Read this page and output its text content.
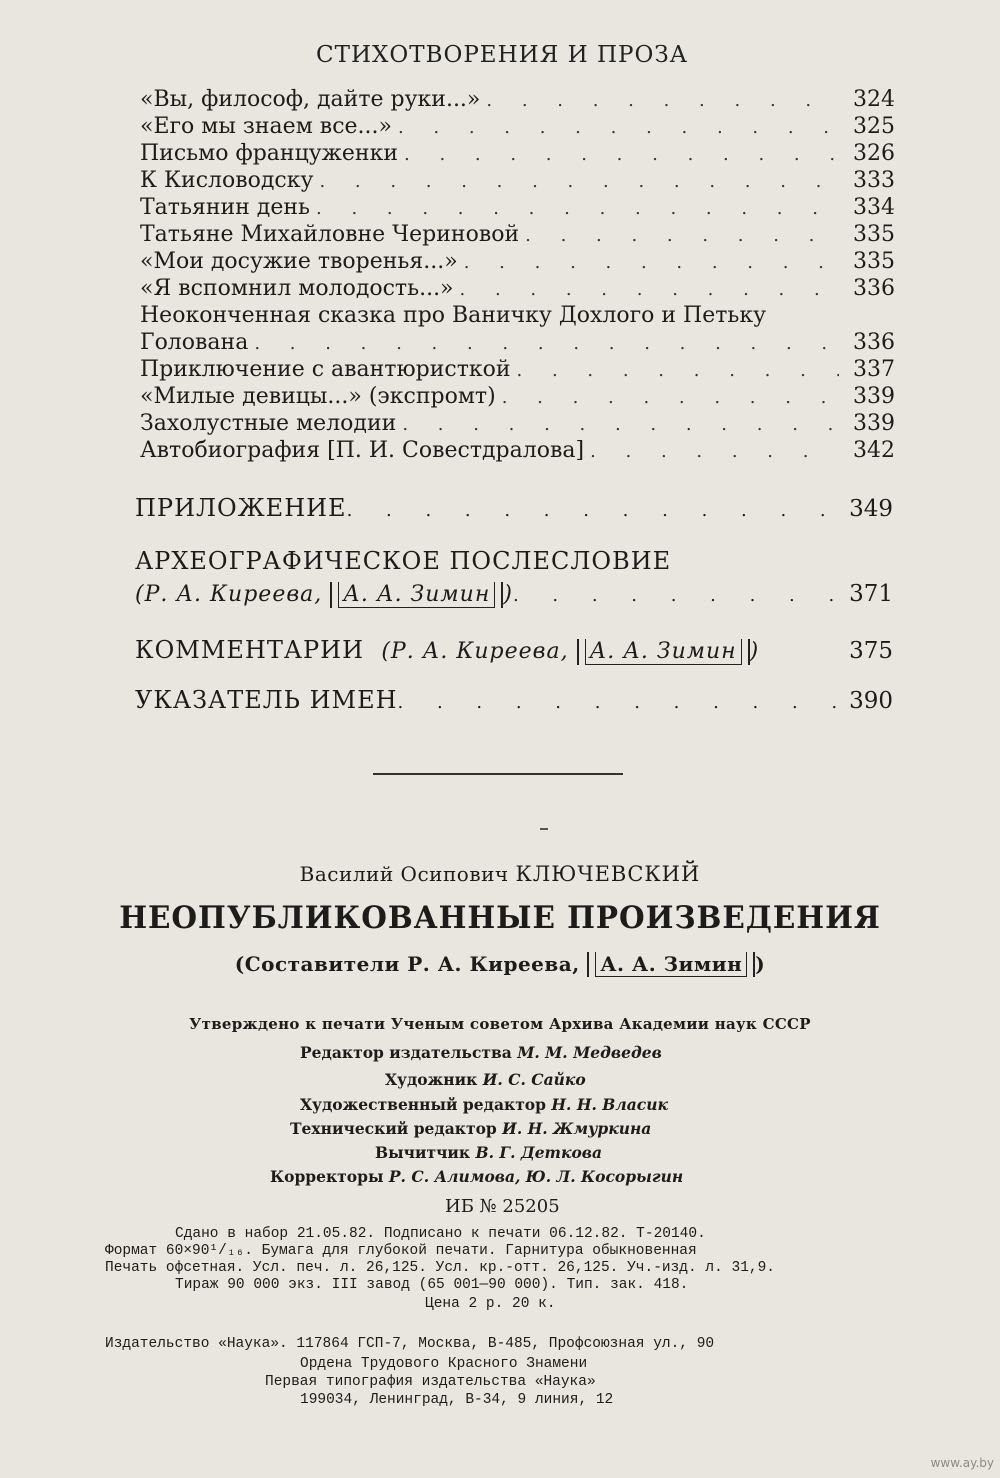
СТИХОТВОРЕНИЯ И ПРОЗА
«Вы, философ, дайте руки...» . . .	324
«Его мы знаем все...» . . .	325
Письмо француженки . . .	326
К Кисловодску . . .	333
Татьянин день . . .	334
Татьяне Михайловне Чериновой . . .	335
«Мои досужие творенья...» . . .	335
«Я вспомнил молодость...» . . .	336
Неоконченная сказка про Ваничку Дохлого и Петьку
Голована . . .	336
Приключение с авантюристкой . . .	337
«Милые девицы...» (экспромт) . . .	339
Захолустные мелодии . . .	339
Автобиография [П. И. Совестдралова] . . .	342
ПРИЛОЖЕНИЕ . . .	349
АРХЕОГРАФИЧЕСКОЕ ПОСЛЕСЛОВИЕ
(Р. А. Киреева, А. А. Зимин ) . . .	371
КОММЕНТАРИИ
(Р. А. Киреева, А. А. Зимин )	375
УКАЗАТЕЛЬ ИМЕН . . .	390
Василий Осипович КЛЮЧЕВСКИЙ
НЕОПУБЛИКОВАННЫЕ ПРОИЗВЕДЕНИЯ
(Составители Р. А. Киреева, А. А. Зимин )
Утверждено к печати Ученым советом Архива Академии наук СССР
Редактор издательства М. М. Медведев
Художник И. С. Сайко
Художественный редактор Н. Н. Власик
Технический редактор И. Н. Жмуркина
Вычитчик В. Г. Деткова
Корректоры Р. С. Алимова, Ю. Л. Косорыгин
ИБ № 25205
Сдано в набор 21.05.82. Подписано к печати 06.12.82. Т-20140.
Формат 60×90¹/₁₆. Бумага для глубокой печати. Гарнитура обыкновенная
Печать офсетная. Усл. печ. л. 26,125. Усл. кр.-отт. 26,125. Уч.-изд. л. 31,9.
Тираж 90 000 экз. III завод (65 001—90 000). Тип. зак. 418.
Цена 2 р. 20 к.
Издательство «Наука». 117864 ГСП-7, Москва, В-485, Профсоюзная ул., 90
Ордена Трудового Красного Знамени
Первая типография издательства «Наука»
199034, Ленинград, В-34, 9 линия, 12
www.ay.by
